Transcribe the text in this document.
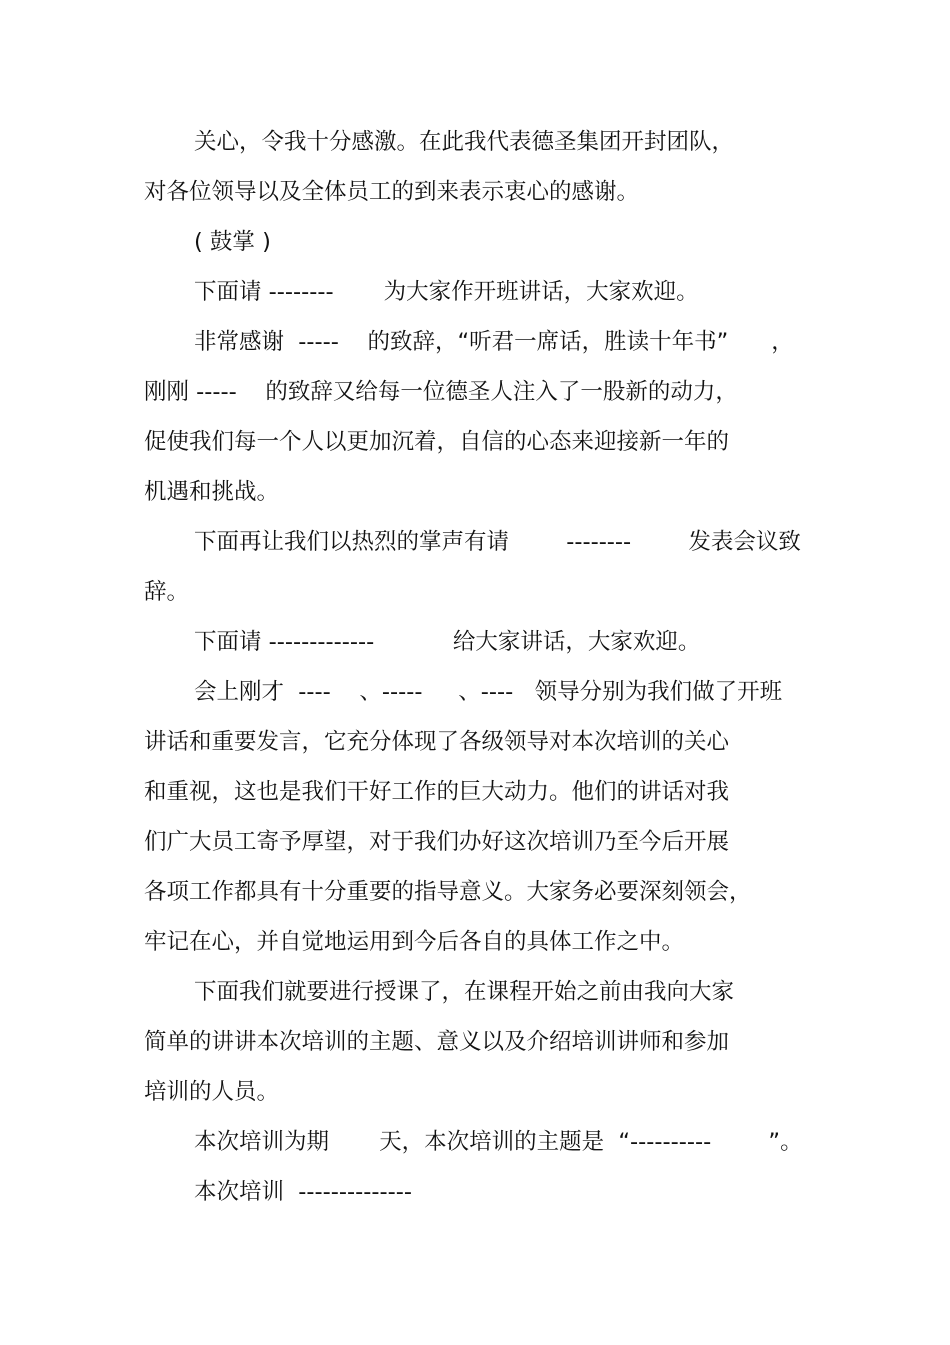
关心，令我十分感激。在此我代表德圣集团开封团队，
对各位领导以及全体员工的到来表示衷心的感谢。
( 鼓掌 )
下面请 --------       为大家作开班讲话，大家欢迎。
非常感谢  -----    的致辞，“听君一席话，胜读十年书”      ，
刚刚 -----    的致辞又给每一位德圣人注入了一股新的动力，
促使我们每一个人以更加沉着，自信的心态来迎接新一年的
机遇和挑战。
下面再让我们以热烈的掌声有请        --------        发表会议致
辞。
下面请 -------------           给大家讲话，大家欢迎。
会上刚才  ----    、-----     、----   领导分别为我们做了开班
讲话和重要发言，它充分体现了各级领导对本次培训的关心
和重视，这也是我们干好工作的巨大动力。他们的讲话对我
们广大员工寄予厚望，对于我们办好这次培训乃至今后开展
各项工作都具有十分重要的指导意义。大家务必要深刻领会，
牢记在心，并自觉地运用到今后各自的具体工作之中。
下面我们就要进行授课了，在课程开始之前由我向大家
简单的讲讲本次培训的主题、意义以及介绍培训讲师和参加
培训的人员。
本次培训为期       天，本次培训的主题是  “----------        ”。
本次培训  --------------
